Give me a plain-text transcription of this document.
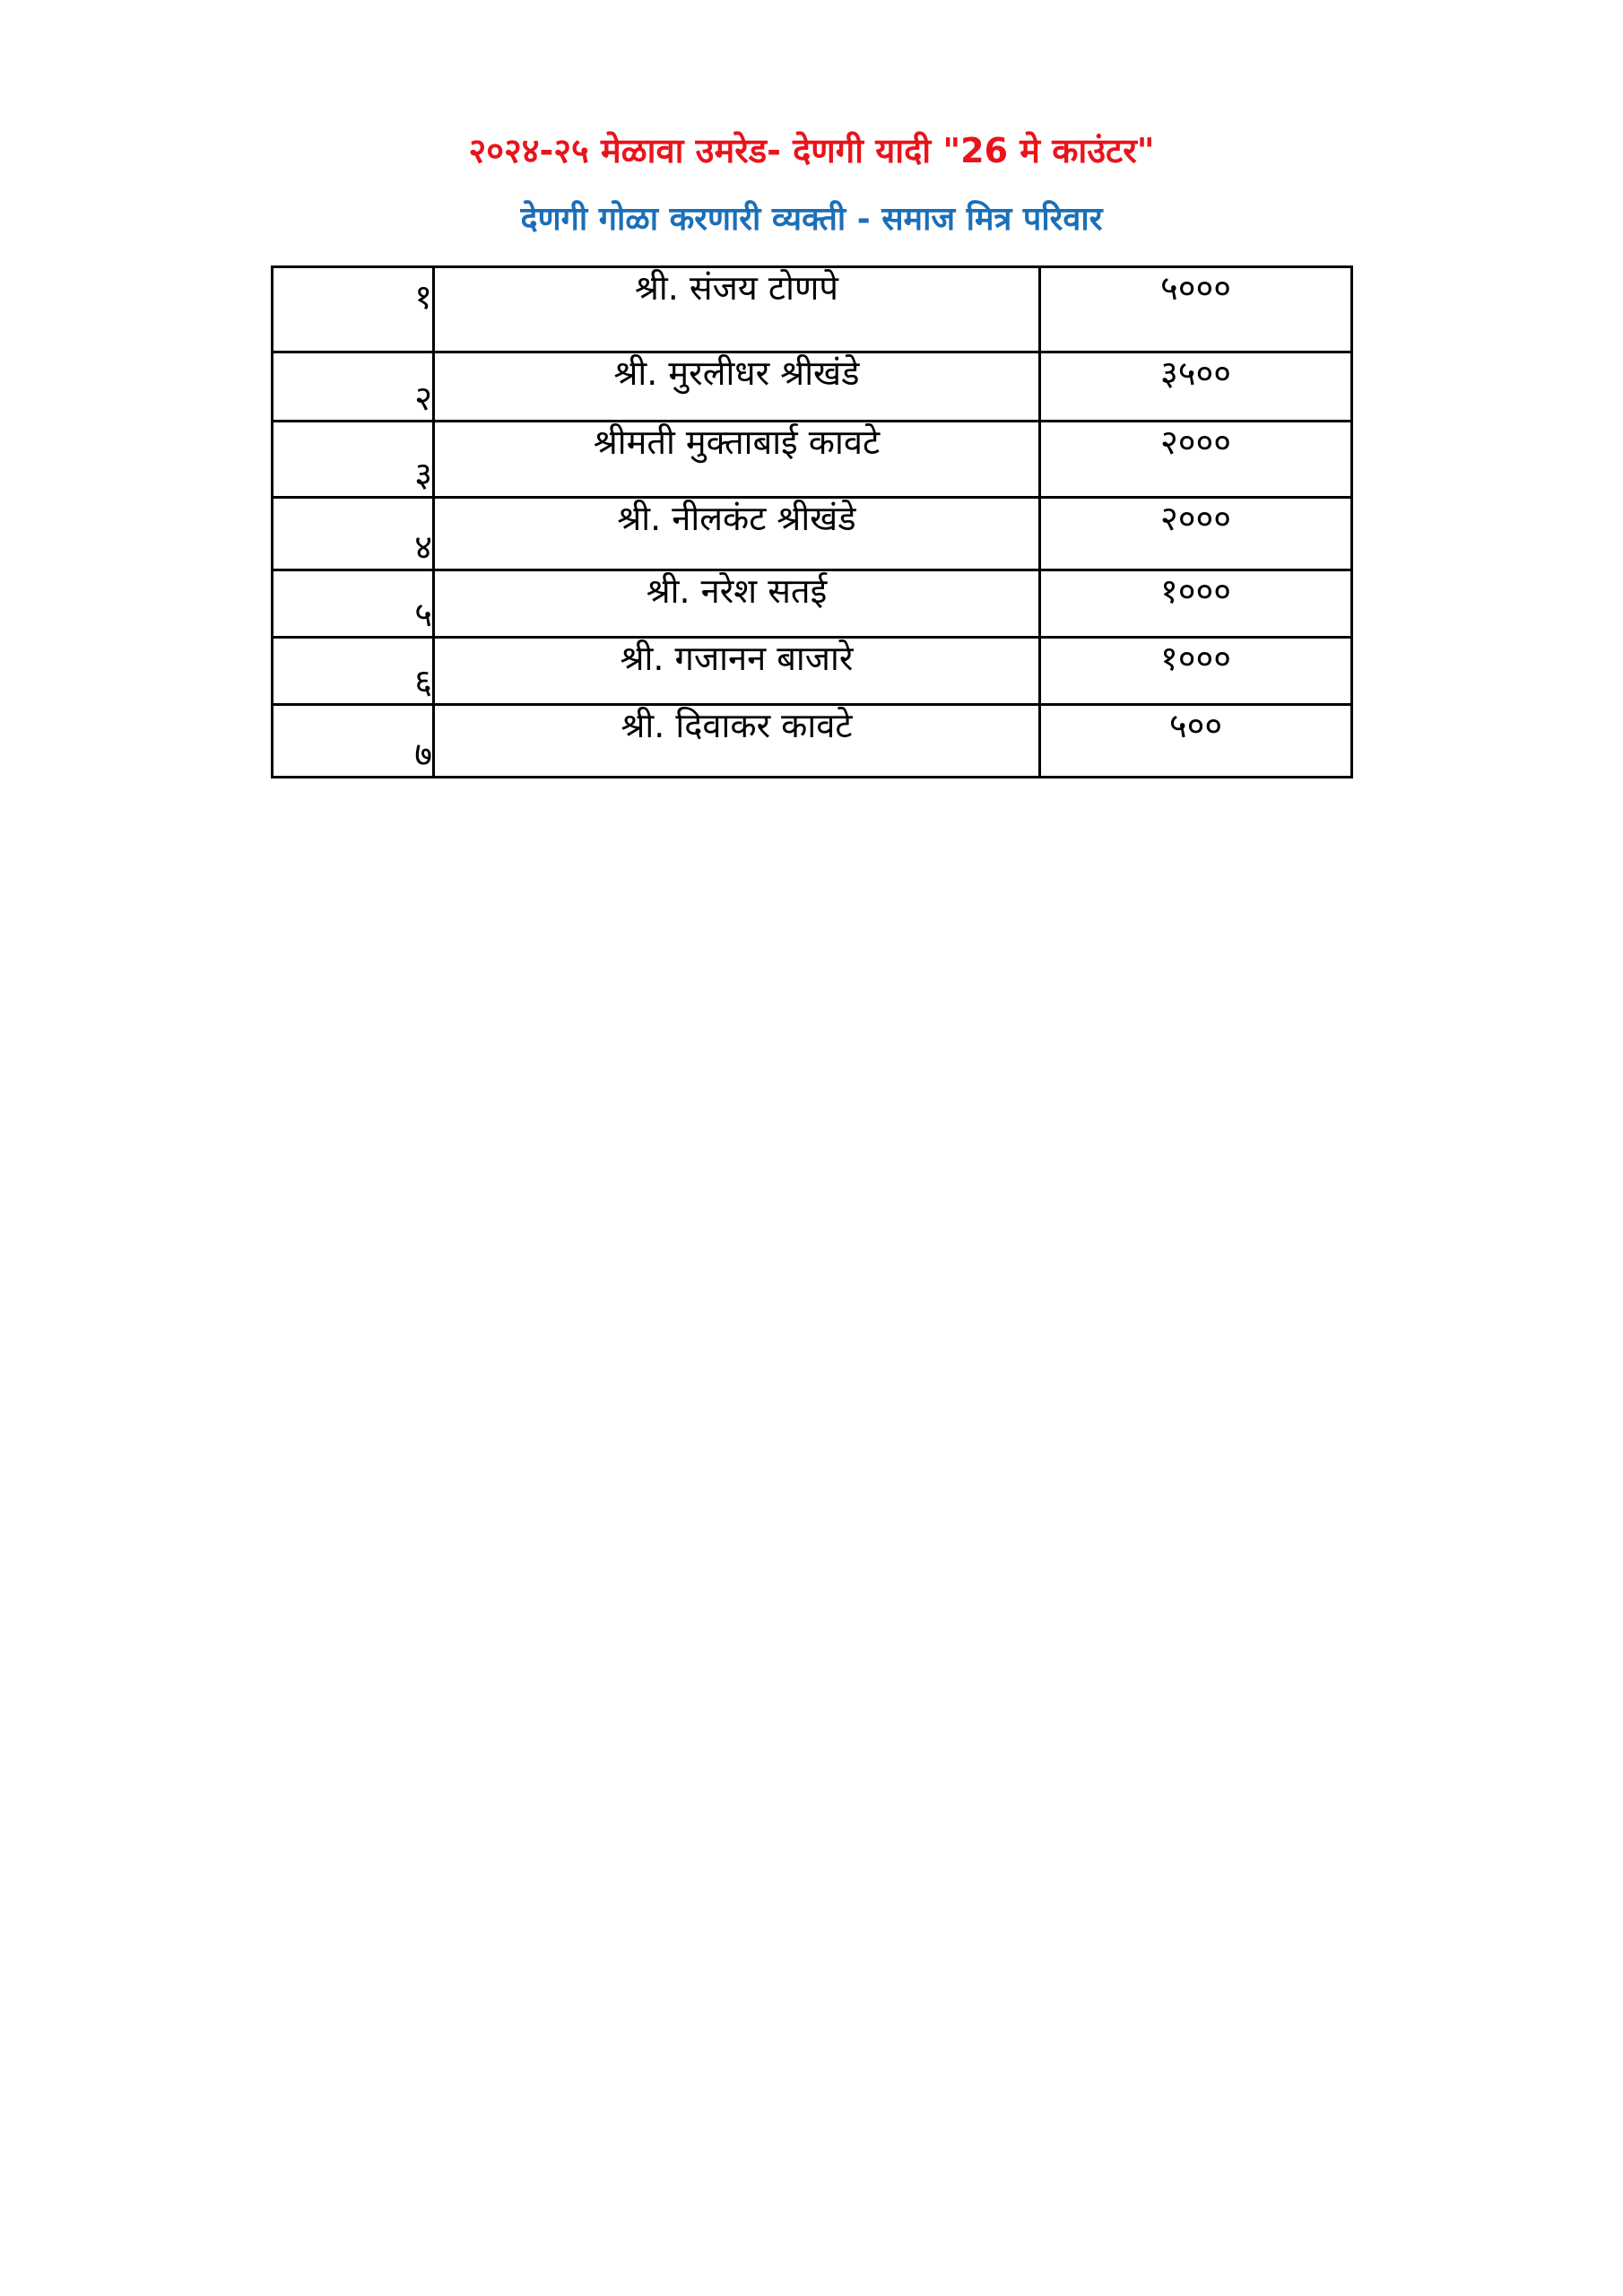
२०२४-२५ मेळावा उमरेड- देणगी यादी "26 मे काउंटर"
देणगी गोळा करणारी व्यक्ती - समाज मित्र परिवार
१	श्री. संजय टोणपे	५०००
२	श्री. मुरलीधर श्रीखंडे	३५००
३	श्रीमती मुक्ताबाई कावटे	२०००
४	श्री. नीलकंट श्रीखंडे	२०००
५	श्री. नरेश सतई	१०००
६	श्री. गजानन बाजारे	१०००
७	श्री. दिवाकर कावटे	५००
